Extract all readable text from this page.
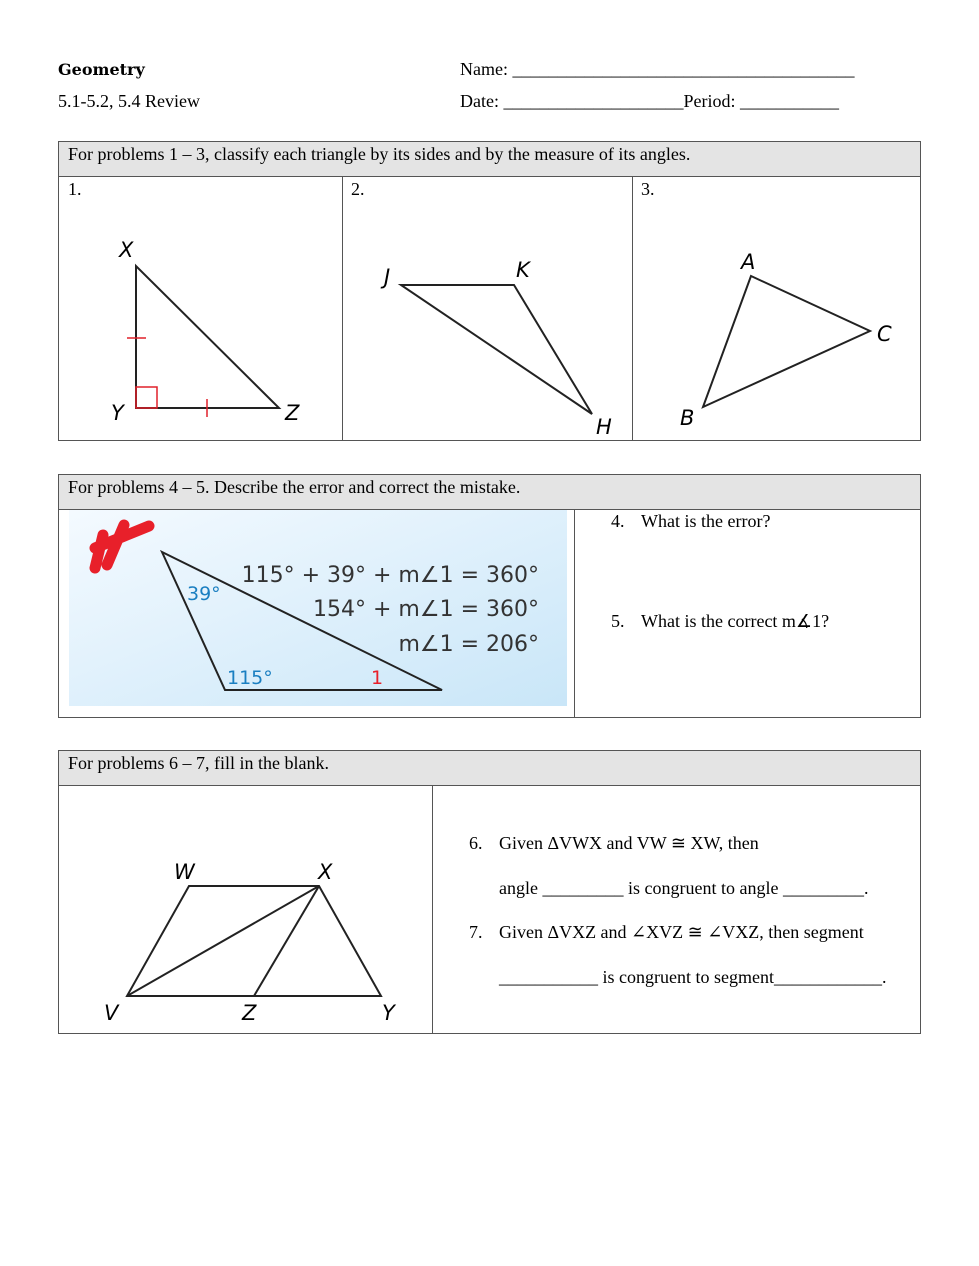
Geometry
5.1-5.2, 5.4 Review
Name: ______________________________________
Date: ____________________Period: ___________
For problems 1 – 3, classify each triangle by its sides and by the measure of its angles.
1.	2.	3.
X
Y	Z
J	K
H
A
C
B
For problems 4 – 5. Describe the error and correct the mistake.
39°
115°	1
115° + 39° + m∠1 = 360°
154° + m∠1 = 360°
m∠1 = 206°
4. What is the error?
5. What is the correct m∡1?
For problems 6 – 7, fill in the blank.
W	X
V	Z	Y
6. Given ΔVWX and VW ≅ XW, then
angle _________ is congruent to angle _________.
7. Given ΔVXZ and ∠XVZ ≅ ∠VXZ, then segment
___________ is congruent to segment____________.
